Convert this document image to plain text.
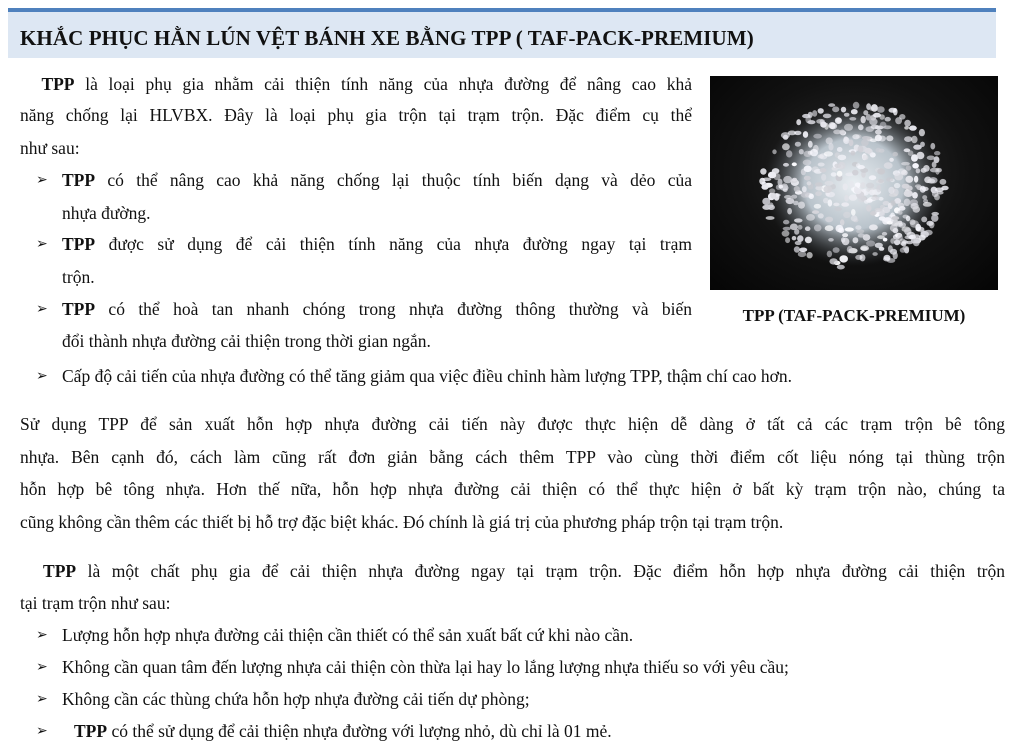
KHẮC PHỤC HẰN LÚN VỆT BÁNH XE BẰNG TPP ( TAF-PACK-PREMIUM)
TPP là loại phụ gia nhằm cải thiện tính năng của nhựa đường để nâng cao khả
năng chống lại HLVBX. Đây là loại phụ gia trộn tại trạm trộn. Đặc điểm cụ thể
như sau:
➢ TPP có thể nâng cao khả năng chống lại thuộc tính biến dạng và dẻo của
nhựa đường.
➢ TPP được sử dụng để cải thiện tính năng của nhựa đường ngay tại trạm
trộn.
➢ TPP có thể hoà tan nhanh chóng trong nhựa đường thông thường và biến
đổi thành nhựa đường cải thiện trong thời gian ngắn.
➢ Cấp độ cải tiến của nhựa đường có thể tăng giảm qua việc điều chỉnh hàm lượng TPP, thậm chí cao hơn.
TPP (TAF-PACK-PREMIUM)
Sử dụng TPP để sản xuất hỗn hợp nhựa đường cải tiến này được thực hiện dễ dàng ở tất cả các trạm trộn bê tông
nhựa. Bên cạnh đó, cách làm cũng rất đơn giản bằng cách thêm TPP vào cùng thời điểm cốt liệu nóng tại thùng trộn
hỗn hợp bê tông nhựa. Hơn thế nữa, hỗn hợp nhựa đường cải thiện có thể thực hiện ở bất kỳ trạm trộn nào, chúng ta
cũng không cần thêm các thiết bị hỗ trợ đặc biệt khác. Đó chính là giá trị của phương pháp trộn tại trạm trộn.
TPP là một chất phụ gia để cải thiện nhựa đường ngay tại trạm trộn. Đặc điểm hỗn hợp nhựa đường cải thiện trộn
tại trạm trộn như sau:
➢ Lượng hỗn hợp nhựa đường cải thiện cần thiết có thể sản xuất bất cứ khi nào cần.
➢ Không cần quan tâm đến lượng nhựa cải thiện còn thừa lại hay lo lắng lượng nhựa thiếu so với yêu cầu;
➢ Không cần các thùng chứa hỗn hợp nhựa đường cải tiến dự phòng;
➢ TPP có thể sử dụng để cải thiện nhựa đường với lượng nhỏ, dù chỉ là 01 mẻ.
